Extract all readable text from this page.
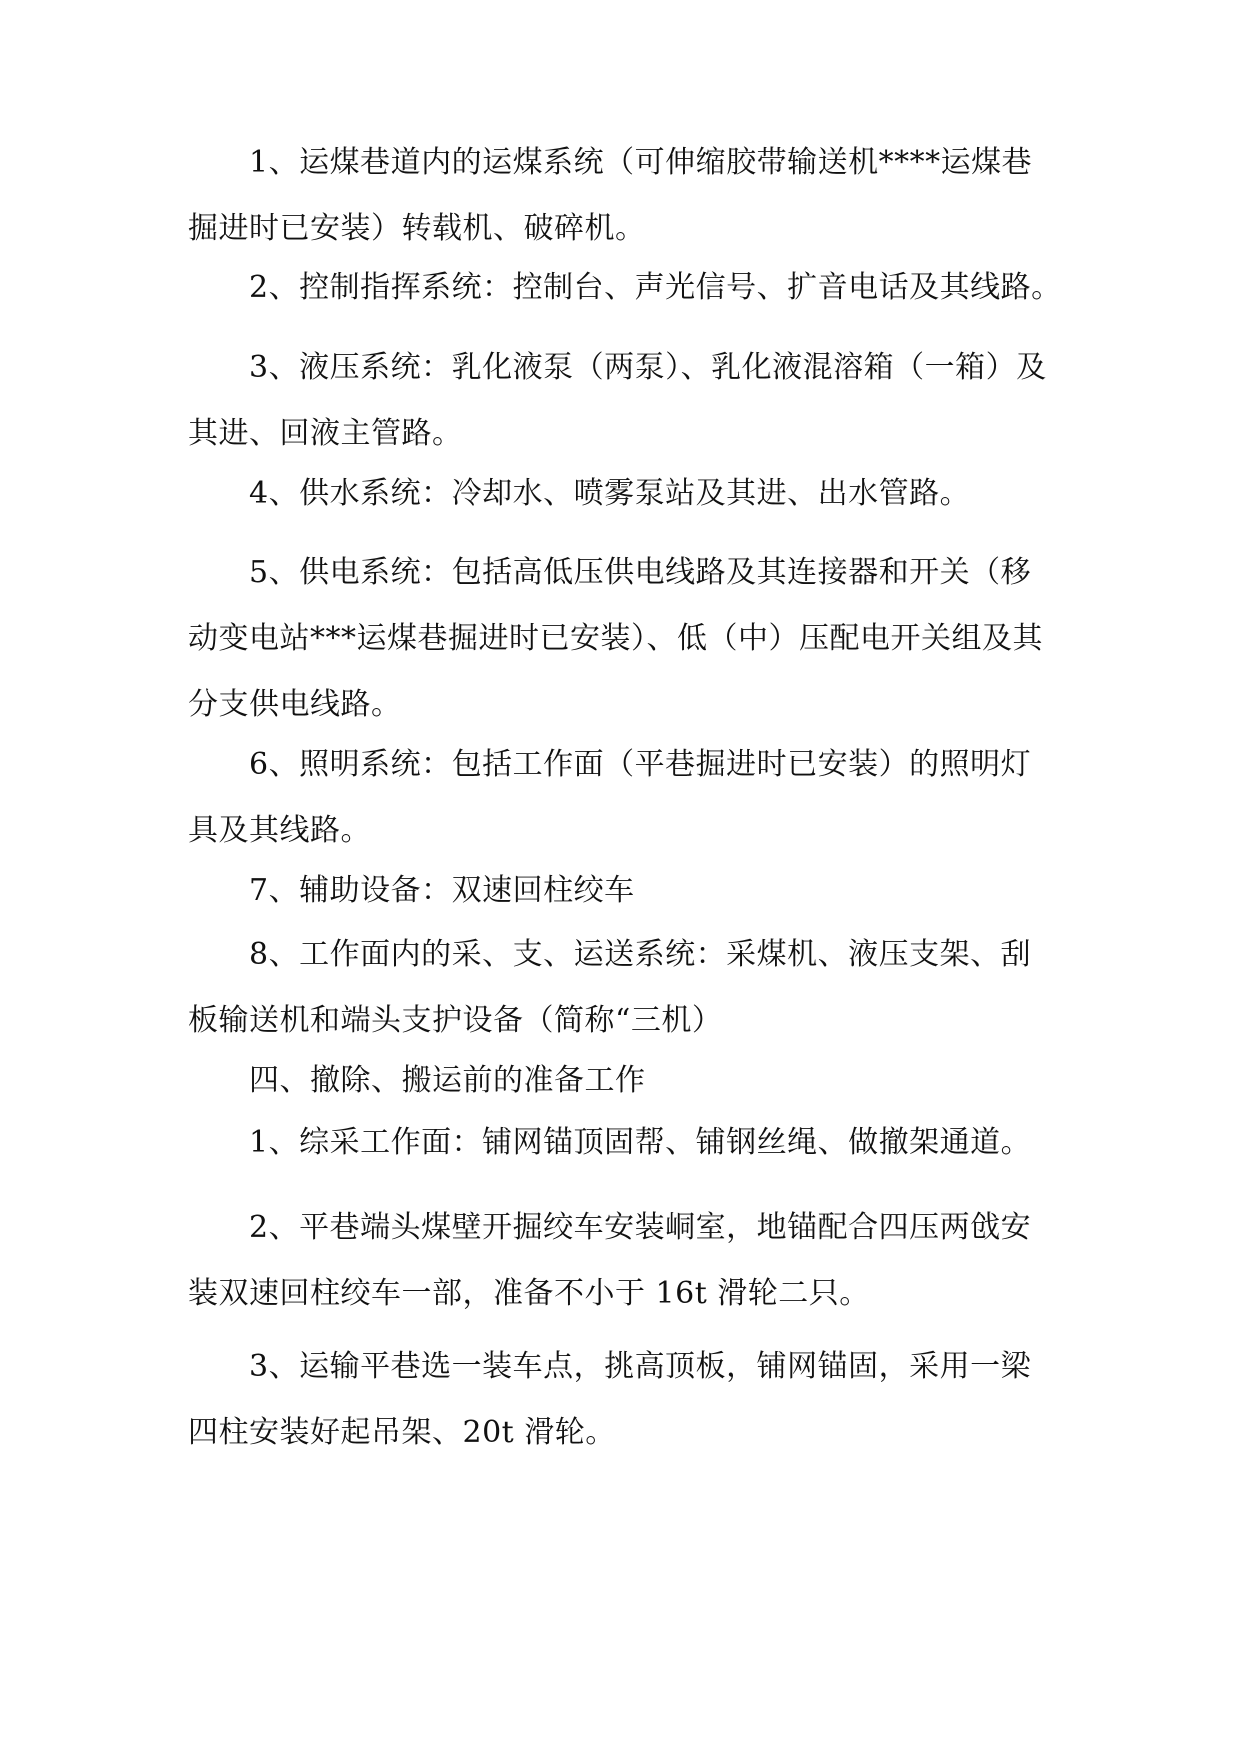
1、运煤巷道内的运煤系统（可伸缩胶带输送机****运煤巷
掘进时已安装）转载机、破碎机。

2、控制指挥系统：控制台、声光信号、扩音电话及其线路。

3、液压系统：乳化液泵（两泵）、乳化液混溶箱（一箱）及
其进、回液主管路。

4、供水系统：冷却水、喷雾泵站及其进、出水管路。

5、供电系统：包括高低压供电线路及其连接器和开关（移
动变电站***运煤巷掘进时已安装）、低（中）压配电开关组及其
分支供电线路。

6、照明系统：包括工作面（平巷掘进时已安装）的照明灯
具及其线路。

7、辅助设备：双速回柱绞车

8、工作面内的采、支、运送系统：采煤机、液压支架、刮
板输送机和端头支护设备（简称“三机）

四、撤除、搬运前的准备工作

1、综采工作面：铺网锚顶固帮、铺钢丝绳、做撤架通道。

2、平巷端头煤壁开掘绞车安装峒室，地锚配合四压两戗安
装双速回柱绞车一部，准备不小于 16t 滑轮二只。

3、运输平巷选一装车点，挑高顶板，铺网锚固，采用一梁
四柱安装好起吊架、20t 滑轮。
